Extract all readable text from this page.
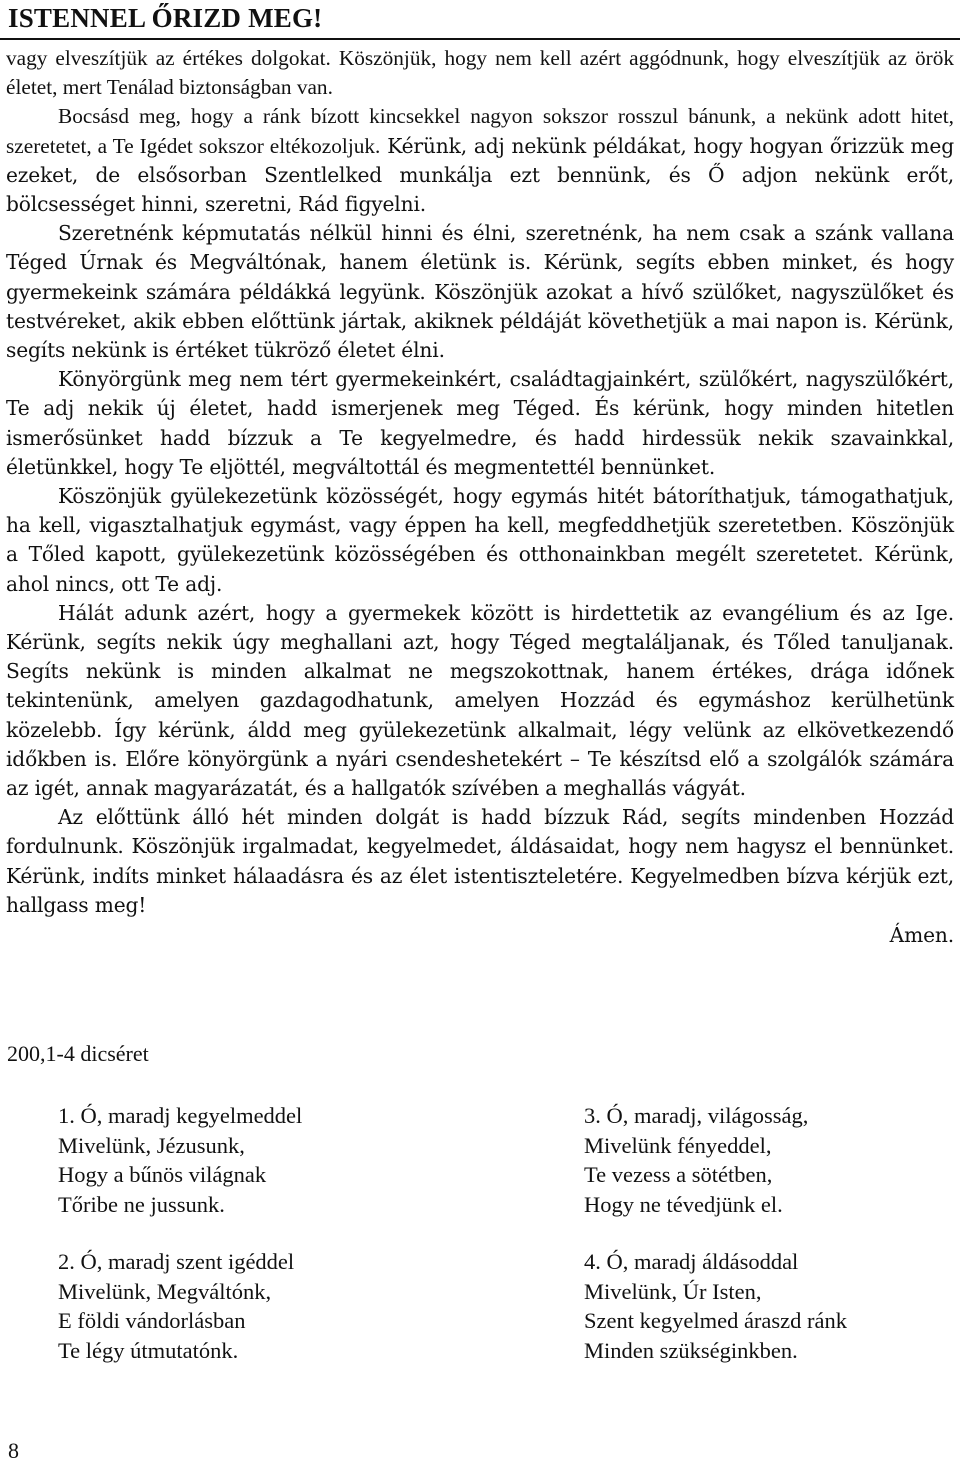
ISTENNEL ŐRIZD MEG!

vagy elveszítjük az értékes dolgokat. Köszönjük, hogy nem kell azért aggódnunk, hogy elveszítjük az örök életet, mert Tenálad biztonságban van.

Bocsásd meg, hogy a ránk bízott kincsekkel nagyon sokszor rosszul bánunk, a nekünk adott hitet, szeretetet, a Te Igédet sokszor eltékozoljuk. Kérünk, adj nekünk példákat, hogy hogyan őrizzük meg ezeket, de elsősorban Szentlelked munkálja ezt bennünk, és Ő adjon nekünk erőt, bölcsességet hinni, szeretni, Rád figyelni.

Szeretnénk képmutatás nélkül hinni és élni, szeretnénk, ha nem csak a szánk vallana Téged Úrnak és Megváltónak, hanem életünk is. Kérünk, segíts ebben minket, és hogy gyermekeink számára példákká legyünk. Köszönjük azokat a hívő szülőket, nagyszülőket és testvéreket, akik ebben előttünk jártak, akiknek példáját követhetjük a mai napon is. Kérünk, segíts nekünk is értéket tükröző életet élni.

Könyörgünk meg nem tért gyermekeinkért, családtagjainkért, szülőkért, nagyszülőkért, Te adj nekik új életet, hadd ismerjenek meg Téged. És kérünk, hogy minden hitetlen ismerősünket hadd bízzuk a Te kegyelmedre, és hadd hirdessük nekik szavainkkal, életünkkel, hogy Te eljöttél, megváltottál és megmentettél bennünket.

Köszönjük gyülekezetünk közösségét, hogy egymás hitét bátoríthatjuk, támogathatjuk, ha kell, vigasztalhatjuk egymást, vagy éppen ha kell, megfeddhetjük szeretetben. Köszönjük a Tőled kapott, gyülekezetünk közösségében és otthonainkban megélt szeretetet. Kérünk, ahol nincs, ott Te adj.

Hálát adunk azért, hogy a gyermekek között is hirdettetik az evangélium és az Ige. Kérünk, segíts nekik úgy meghallani azt, hogy Téged megtaláljanak, és Tőled tanuljanak. Segíts nekünk is minden alkalmat ne megszokottnak, hanem értékes, drága időnek tekintenünk, amelyen gazdagodhatunk, amelyen Hozzád és egymáshoz kerülhetünk közelebb. Így kérünk, áldd meg gyülekezetünk alkalmait, légy velünk az elkövetkezendő időkben is. Előre könyörgünk a nyári csendeshetekért – Te készítsd elő a szolgálók számára az igét, annak magyarázatát, és a hallgatók szívében a meghallás vágyát.

Az előttünk álló hét minden dolgát is hadd bízzuk Rád, segíts mindenben Hozzád fordulnunk. Köszönjük irgalmadat, kegyelmedet, áldásaidat, hogy nem hagysz el bennünket. Kérünk, indíts minket hálaadásra és az élet istentiszteletére. Kegyelmedben bízva kérjük ezt, hallgass meg!

Ámen.

200,1-4 dicséret
1. Ó, maradj kegyelmeddel
Mivelünk, Jézusunk,
Hogy a bűnös világnak
Tőribe ne jussunk.
3. Ó, maradj, világosság,
Mivelünk fényeddel,
Te vezess a sötétben,
Hogy ne tévedjünk el.
2. Ó, maradj szent igéddel
Mivelünk, Megváltónk,
E földi vándorlásban
Te légy útmutatónk.
4. Ó, maradj áldásoddal
Mivelünk, Úr Isten,
Szent kegyelmed áraszd ránk
Minden szükséginkben.
8
